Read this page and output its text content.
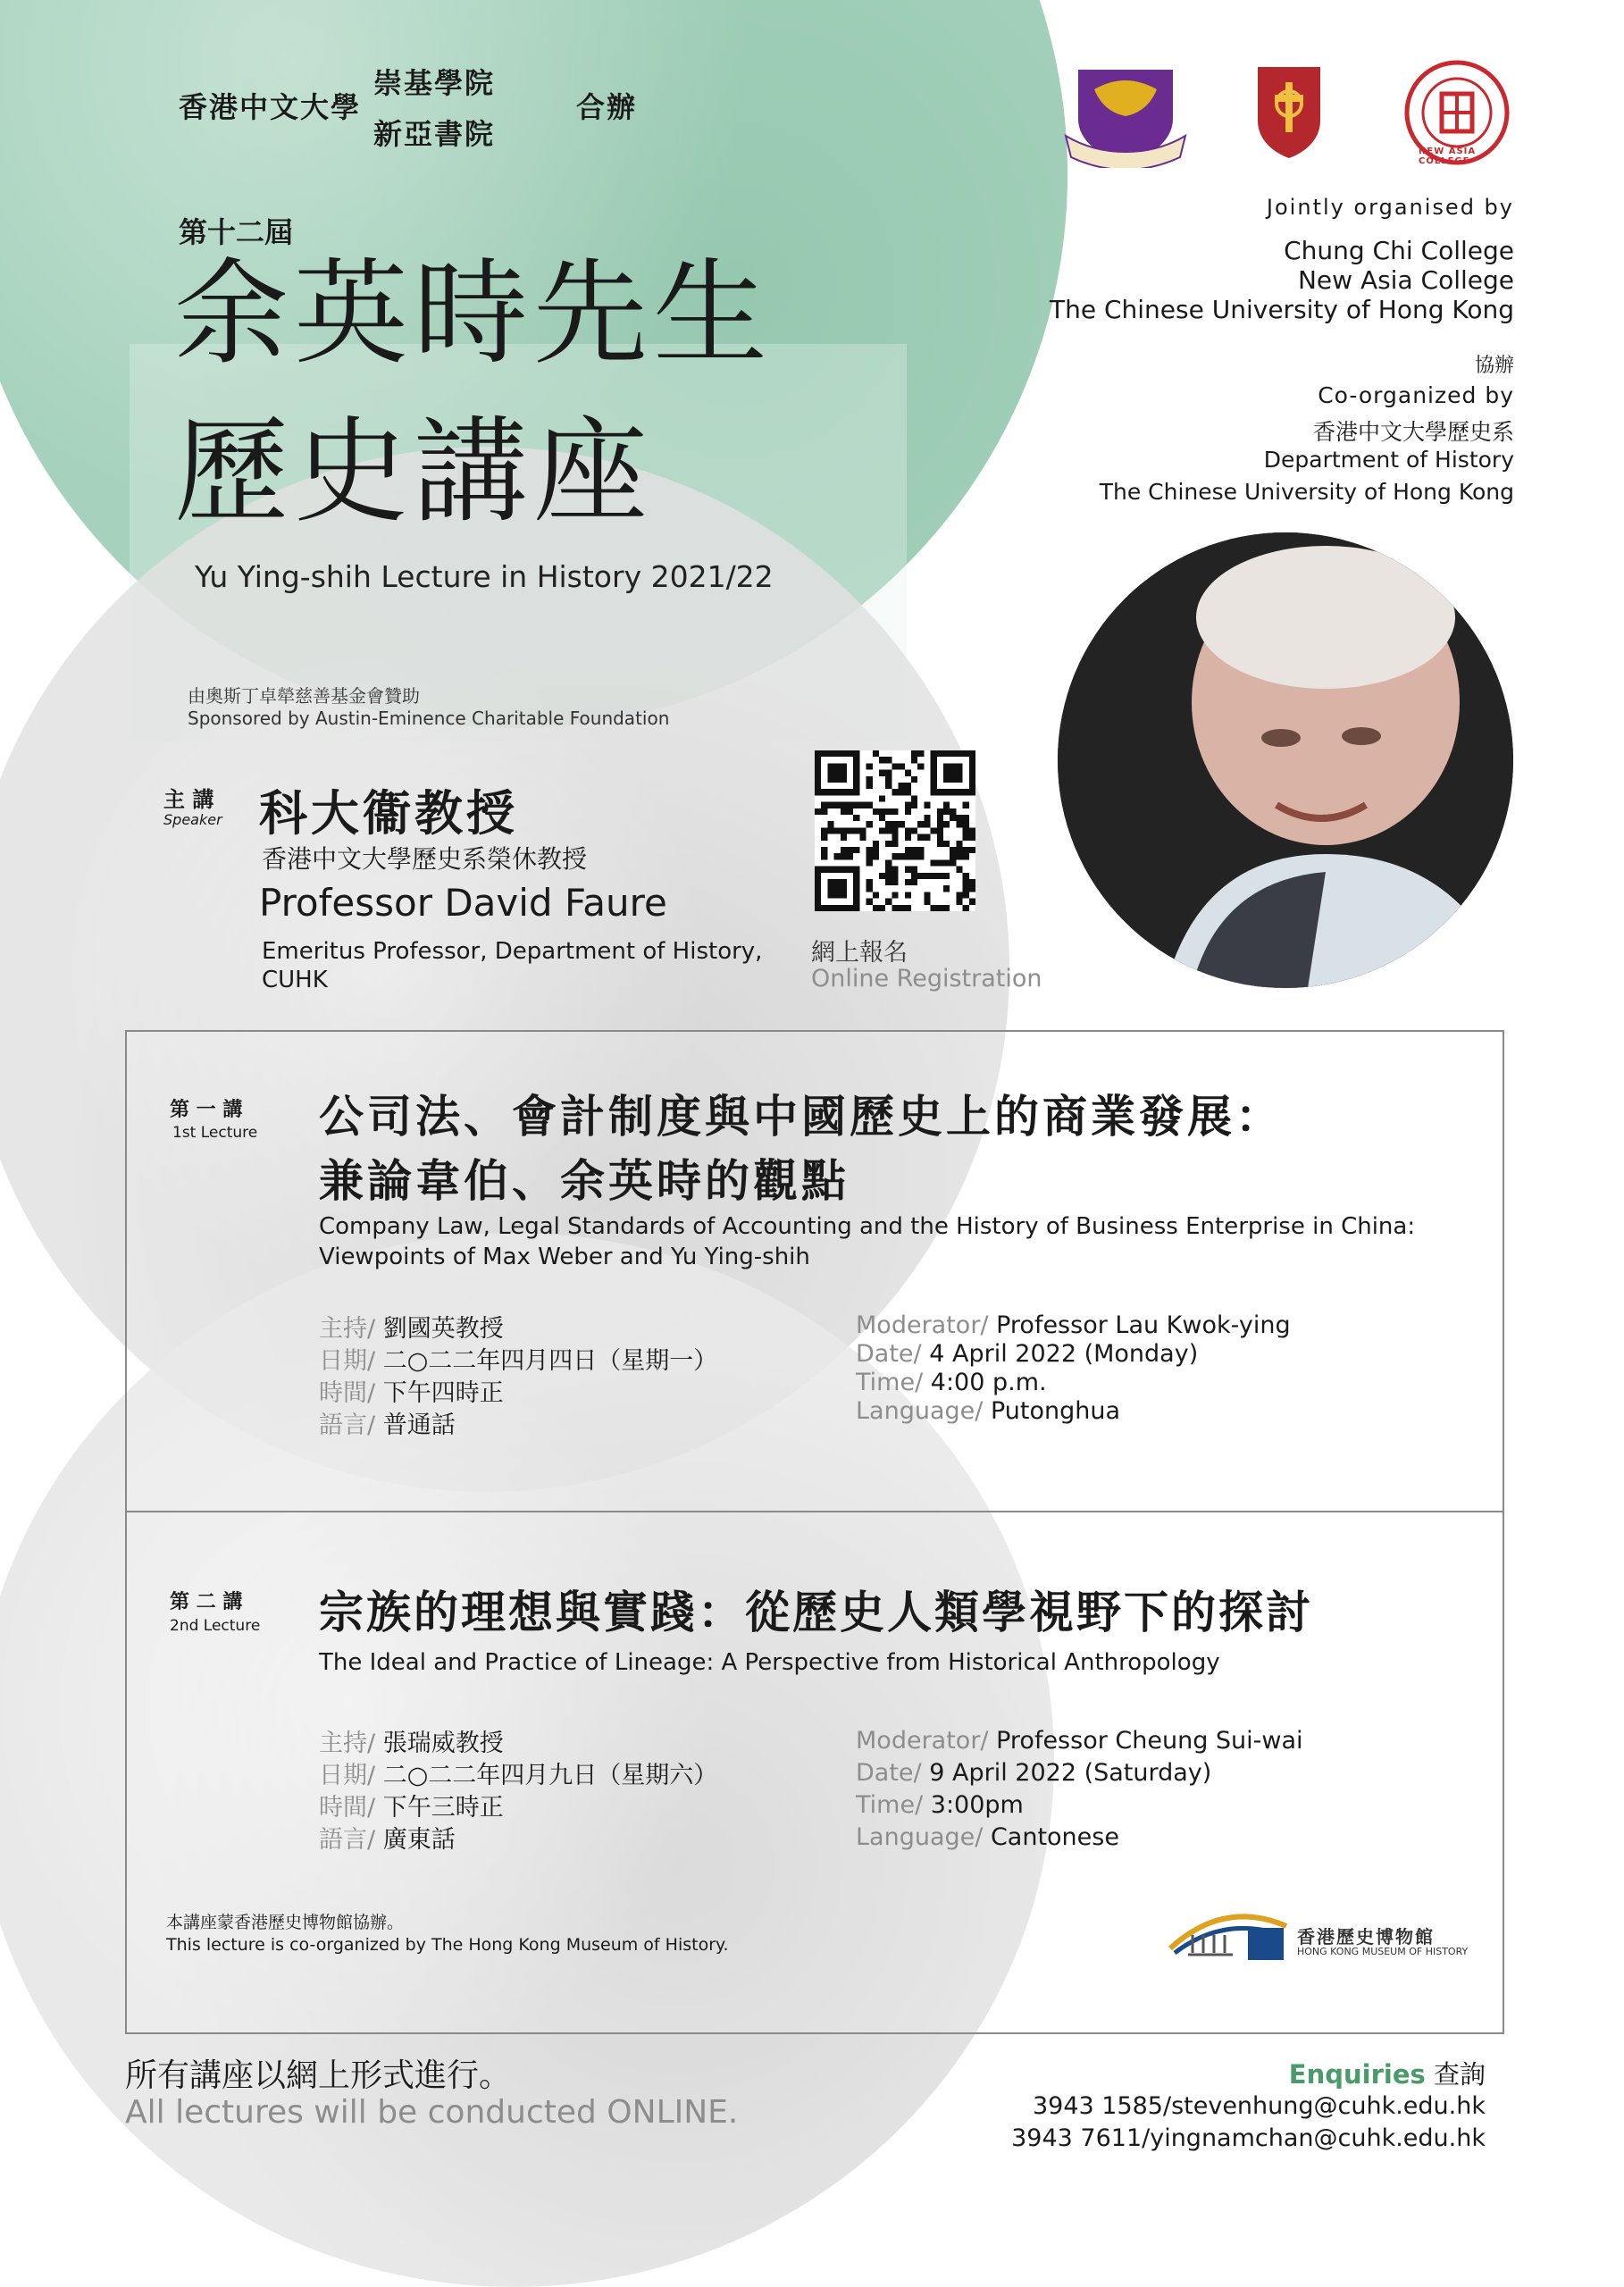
香港中文大學
崇基學院
新亞書院
合辦
第十二屆
余英時先生
歷史講座
Yu Ying-shih Lecture in History 2021/22
由奧斯丁卓犖慈善基金會贊助
Sponsored by Austin-Eminence Charitable Foundation
NEW ASIA COLLEGE
Jointly organised by
Chung Chi College
New Asia College
The Chinese University of Hong Kong
協辦
Co-organized by
香港中文大學歷史系
Department of History
The Chinese University of Hong Kong
主 講
Speaker 科大衞教授
香港中文大學歷史系榮休教授
Professor David Faure
Emeritus Professor, Department of History,
CUHK
網上報名
Online Registration
第 一 講
1st Lecture 公司法、會計制度與中國歷史上的商業發展：
兼論韋伯、余英時的觀點
Company Law, Legal Standards of Accounting and the History of Business Enterprise in China:
Viewpoints of Max Weber and Yu Ying-shih
主持/ 劉國英教授
日期/ 二○二二年四月四日（星期一）
時間/ 下午四時正
語言/ 普通話
Moderator/ Professor Lau Kwok-ying
Date/ 4 April 2022 (Monday)
Time/ 4:00 p.m.
Language/ Putonghua
第 二 講
2nd Lecture 宗族的理想與實踐：從歷史人類學視野下的探討
The Ideal and Practice of Lineage: A Perspective from Historical Anthropology
主持/ 張瑞威教授
日期/ 二○二二年四月九日（星期六）
時間/ 下午三時正
語言/ 廣東話
Moderator/ Professor Cheung Sui-wai
Date/ 9 April 2022 (Saturday)
Time/ 3:00pm
Language/ Cantonese
本講座蒙香港歷史博物館協辦。
This lecture is co-organized by The Hong Kong Museum of History.	香港歷史博物館
HONG KONG MUSEUM OF HISTORY
所有講座以網上形式進行。
All lectures will be conducted ONLINE.
Enquiries 查詢
3943 1585/stevenhung@cuhk.edu.hk
3943 7611/yingnamchan@cuhk.edu.hk
